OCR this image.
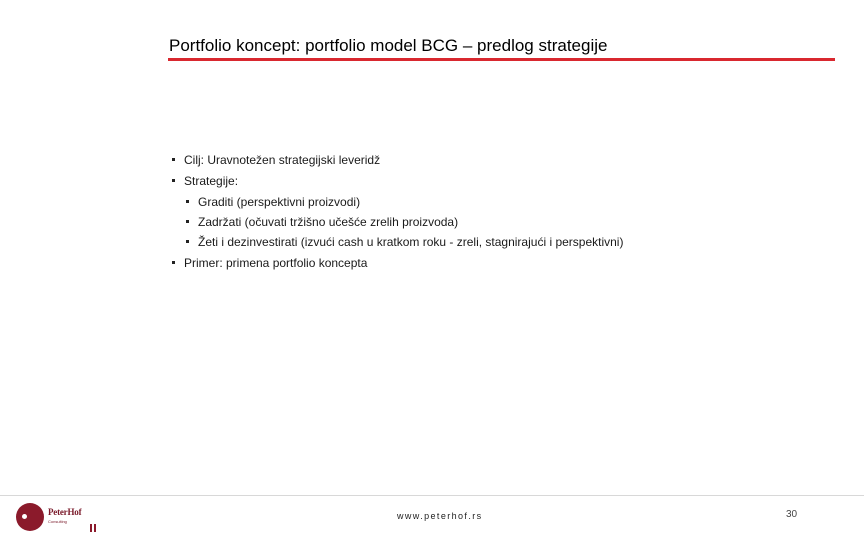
Portfolio koncept: portfolio model BCG – predlog strategije
Cilj: Uravnotežen strategijski leveridž
Strategije:
Graditi (perspektivni proizvodi)
Zadržati (očuvati tržišno učešće zrelih proizvoda)
Žeti i dezinvestirati (izvući cash u kratkom roku - zreli, stagnirajući i perspektivni)
Primer: primena portfolio koncepta
PeterHof
Consulting
www.peterhof.rs	30
